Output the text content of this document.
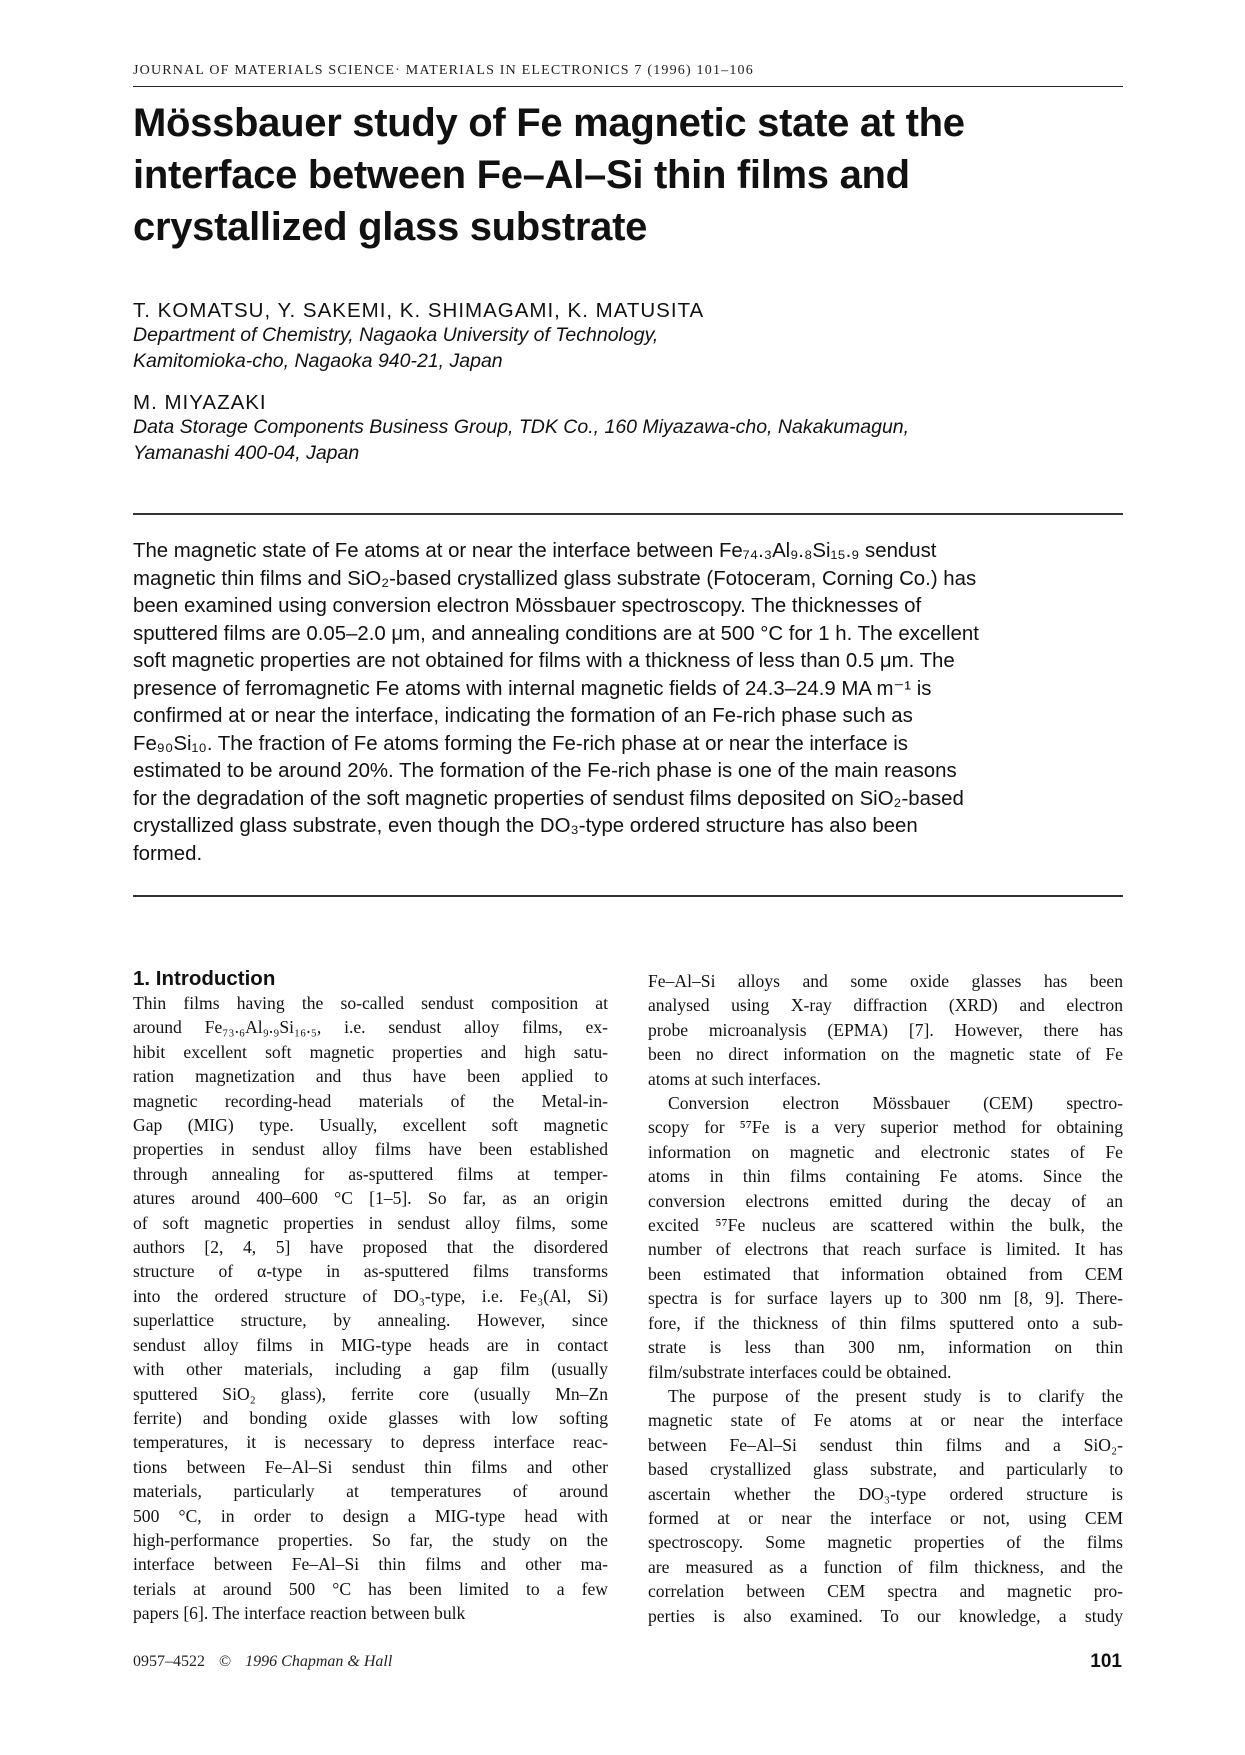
JOURNAL OF MATERIALS SCIENCE· MATERIALS IN ELECTRONICS 7 (1996) 101–106
Mössbauer study of Fe magnetic state at the
interface between Fe–Al–Si thin films and
crystallized glass substrate
T. KOMATSU, Y. SAKEMI, K. SHIMAGAMI, K. MATUSITA
Department of Chemistry, Nagaoka University of Technology,
Kamitomioka-cho, Nagaoka 940-21, Japan
M. MIYAZAKI
Data Storage Components Business Group, TDK Co., 160 Miyazawa-cho, Nakakumagun,
Yamanashi 400-04, Japan
The magnetic state of Fe atoms at or near the interface between Fe₇₄.₃Al₉.₈Si₁₅.₉ sendust
magnetic thin films and SiO₂-based crystallized glass substrate (Fotoceram, Corning Co.) has
been examined using conversion electron Mössbauer spectroscopy. The thicknesses of
sputtered films are 0.05–2.0 μm, and annealing conditions are at 500 °C for 1 h. The excellent
soft magnetic properties are not obtained for films with a thickness of less than 0.5 μm. The
presence of ferromagnetic Fe atoms with internal magnetic fields of 24.3–24.9 MA m⁻¹ is
confirmed at or near the interface, indicating the formation of an Fe-rich phase such as
Fe₉₀Si₁₀. The fraction of Fe atoms forming the Fe-rich phase at or near the interface is
estimated to be around 20%. The formation of the Fe-rich phase is one of the main reasons
for the degradation of the soft magnetic properties of sendust films deposited on SiO₂-based
crystallized glass substrate, even though the DO₃-type ordered structure has also been
formed.
1. Introduction
Thin films having the so-called sendust composition at
around Fe₇₃.₆Al₉.₉Si₁₆.₅, i.e. sendust alloy films, ex-
hibit excellent soft magnetic properties and high satu-
ration magnetization and thus have been applied to
magnetic recording-head materials of the Metal-in-
Gap (MIG) type. Usually, excellent soft magnetic
properties in sendust alloy films have been established
through annealing for as-sputtered films at temper-
atures around 400–600 °C [1–5]. So far, as an origin
of soft magnetic properties in sendust alloy films, some
authors [2, 4, 5] have proposed that the disordered
structure of α-type in as-sputtered films transforms
into the ordered structure of DO₃-type, i.e. Fe₃(Al, Si)
superlattice structure, by annealing. However, since
sendust alloy films in MIG-type heads are in contact
with other materials, including a gap film (usually
sputtered SiO₂ glass), ferrite core (usually Mn–Zn
ferrite) and bonding oxide glasses with low softing
temperatures, it is necessary to depress interface reac-
tions between Fe–Al–Si sendust thin films and other
materials, particularly at temperatures of around
500 °C, in order to design a MIG-type head with
high-performance properties. So far, the study on the
interface between Fe–Al–Si thin films and other ma-
terials at around 500 °C has been limited to a few
papers [6]. The interface reaction between bulk
Fe–Al–Si alloys and some oxide glasses has been
analysed using X-ray diffraction (XRD) and electron
probe microanalysis (EPMA) [7]. However, there has
been no direct information on the magnetic state of Fe
atoms at such interfaces.
Conversion electron Mössbauer (CEM) spectro-
scopy for ⁵⁷Fe is a very superior method for obtaining
information on magnetic and electronic states of Fe
atoms in thin films containing Fe atoms. Since the
conversion electrons emitted during the decay of an
excited ⁵⁷Fe nucleus are scattered within the bulk, the
number of electrons that reach surface is limited. It has
been estimated that information obtained from CEM
spectra is for surface layers up to 300 nm [8, 9]. There-
fore, if the thickness of thin films sputtered onto a sub-
strate is less than 300 nm, information on thin
film/substrate interfaces could be obtained.
The purpose of the present study is to clarify the
magnetic state of Fe atoms at or near the interface
between Fe–Al–Si sendust thin films and a SiO₂-
based crystallized glass substrate, and particularly to
ascertain whether the DO₃-type ordered structure is
formed at or near the interface or not, using CEM
spectroscopy. Some magnetic properties of the films
are measured as a function of film thickness, and the
correlation between CEM spectra and magnetic pro-
perties is also examined. To our knowledge, a study
0957–4522 © 1996 Chapman & Hall	101
